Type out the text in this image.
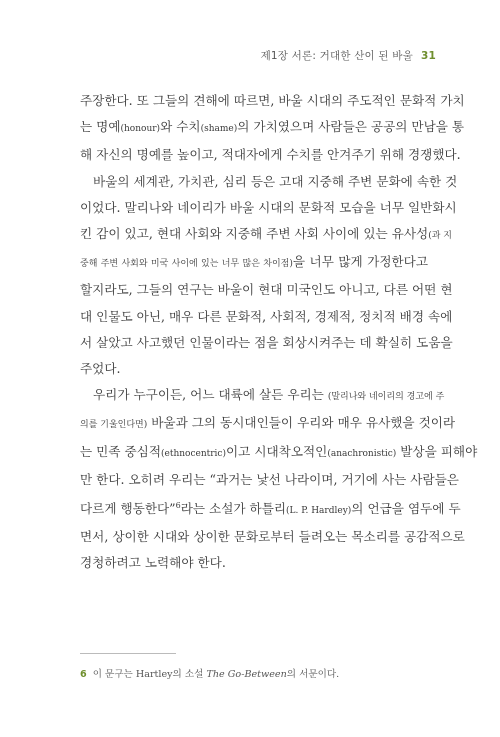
제1장 서론: 거대한 산이 된 바울 31
주장한다. 또 그들의 견해에 따르면, 바울 시대의 주도적인 문화적 가치
는 명예(honour)와 수치(shame)의 가치였으며 사람들은 공공의 만남을 통
해 자신의 명예를 높이고, 적대자에게 수치를 안겨주기 위해 경쟁했다.
바울의 세계관, 가치관, 심리 등은 고대 지중해 주변 문화에 속한 것
이었다. 말리나와 네이리가 바울 시대의 문화적 모습을 너무 일반화시
킨 감이 있고, 현대 사회와 지중해 주변 사회 사이에 있는 유사성(과 지
중해 주변 사회와 미국 사이에 있는 너무 많은 차이점)을 너무 많게 가정한다고
할지라도, 그들의 연구는 바울이 현대 미국인도 아니고, 다른 어떤 현
대 인물도 아닌, 매우 다른 문화적, 사회적, 경제적, 정치적 배경 속에
서 살았고 사고했던 인물이라는 점을 회상시켜주는 데 확실히 도움을
주었다.
우리가 누구이든, 어느 대륙에 살든 우리는 (말리나와 네이리의 경고에 주
의를 기울인다면) 바울과 그의 동시대인들이 우리와 매우 유사했을 것이라
는 민족 중심적(ethnocentric)이고 시대착오적인(anachronistic) 발상을 피해야
만 한다. 오히려 우리는 “과거는 낯선 나라이며, 거기에 사는 사람들은
다르게 행동한다”$^6$라는 소설가 하틀리(L. P. Hardley)의 언급을 염두에 두
면서, 상이한 시대와 상이한 문화로부터 들려오는 목소리를 공감적으로
경청하려고 노력해야 한다.
6 이 문구는 Hartley의 소설 The Go-Between의 서문이다.
